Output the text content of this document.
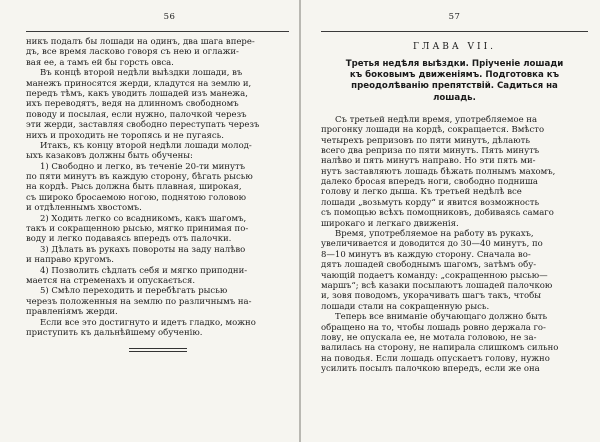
56
никъ подалъ бы лошади на одинъ, два шага впере-
дъ, все время ласково говоря съ нею и оглажи-
вая ее, а тамъ ей бы горсть овса.
Въ концѣ второй недѣли выѣздки лошади, въ
манежъ приносятся жерди, кладутся на землю и,
передъ тѣмъ, какъ уводить лошадей изъ манежа,
ихъ переводятъ, ведя на длинномъ свободномъ
поводу и посылая, если нужно, палочкой черезъ
эти жерди, заставляя свободно переступать черезъ
нихъ и проходить не торопясь и не пугаясь.
Итакъ, къ концу второй недѣли лошади молод-
ыхъ казаковъ должны быть обучены:
1) Свободно и легко, въ теченіе 20-ти минутъ
по пяти минутъ въ каждую сторону, бѣгать рысью
на кордѣ. Рысь должна быть плавная, широкая,
съ широко бросаемою ногою, поднятою головою
и отдѣленнымъ хвостомъ.
2) Ходить легко со всадникомъ, какъ шагомъ,
такъ и сокращенною рысью, мягко принимая по-
воду и легко подаваясь впередъ отъ палочки.
3) Дѣлать въ рукахъ повороты на заду налѣво
и направо кругомъ.
4) Позволить сѣдлать себя и мягко приподни-
мается на стременахъ и опускається.
5) Смѣло переходить и перебѣгать рысью
черезъ положенныя на землю по различнымъ на-
правленіямъ жерди.
Если все это достигнуто и идетъ гладко, можно
приступить къ дальнѣйшему обученію.
57
ГЛАВА VII.
Третья недѣля выѣздки. Пріученіе лошади
къ боковымъ движеніямъ. Подготовка къ
преодолѣванію препятствій. Садиться на
лошадь.
Съ третьей недѣли время, употребляемое на
прогонку лошади на кордѣ, сокращается. Вмѣсто
четырехъ репризовъ по пяти минутъ, дѣлають
всего два репризa по пяти минутъ. Пять минутъ
налѣво и пять минутъ направо. Но эти пять ми-
нутъ заставляютъ лошадь бѣжать полнымъ махомъ,
далеко бросая впередъ ноги, свободно подниша
голову и легко дыша. Къ третьей недѣлѣ все
лошади „возьмуть корду“ и явится возможность
съ помощью всѣхъ помощниковъ, добиваясь самаго
широкаго и легкаго движенія.
Время, употребляемое на работу въ рукахъ,
увеличивается и доводится до 30—40 минутъ, по
8—10 минутъ въ каждую сторону. Сначала во-
дятъ лошадей свободнымъ шагомъ, затѣмъ обу-
чающій подаетъ команду: „сокращенною рысью—
маршъ“; всѣ казаки посылаютъ лошадей палочкою
и, зовя поводомъ, укорачивать шагъ такъ, чтобы
лошади стали на сокращенную рысь.
Теперь все вниманіе обучающаго должно быть
обращено на то, чтобы лошадь ровно держала го-
лову, не опускала ее, не мотала головою, не за-
валилась на сторону, не напирала слишкомъ сильно
на поводья. Если лошадь опускаетъ голову, нужно
усилить посылъ палочкою впередъ, если же она
